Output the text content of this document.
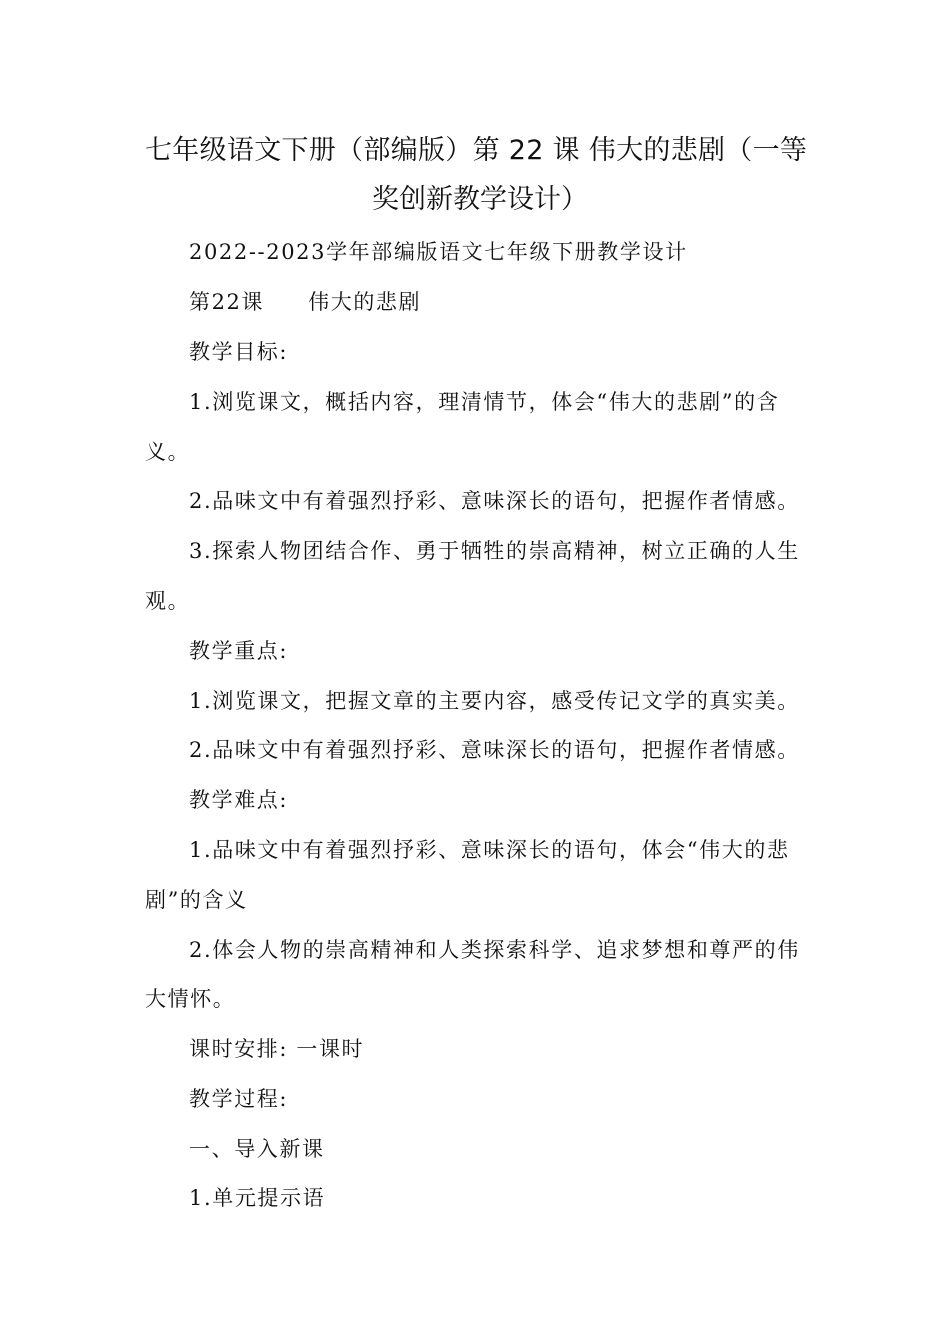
七年级语文下册（部编版）第 22 课 伟大的悲剧（一等
奖创新教学设计）
2022--2023学年部编版语文七年级下册教学设计
第22课 伟大的悲剧
教学目标:
1.浏览课文，概括内容，理清情节，体会“伟大的悲剧”的含
义。
2.品味文中有着强烈抒彩、意味深长的语句，把握作者情感。
3.探索人物团结合作、勇于牺牲的崇高精神，树立正确的人生
观。
教学重点:
1.浏览课文，把握文章的主要内容，感受传记文学的真实美。
2.品味文中有着强烈抒彩、意味深长的语句，把握作者情感。
教学难点:
1.品味文中有着强烈抒彩、意味深长的语句，体会“伟大的悲
剧”的含义
2.体会人物的崇高精神和人类探索科学、追求梦想和尊严的伟
大情怀。
课时安排: 一课时
教学过程:
一、导入新课
1.单元提示语
